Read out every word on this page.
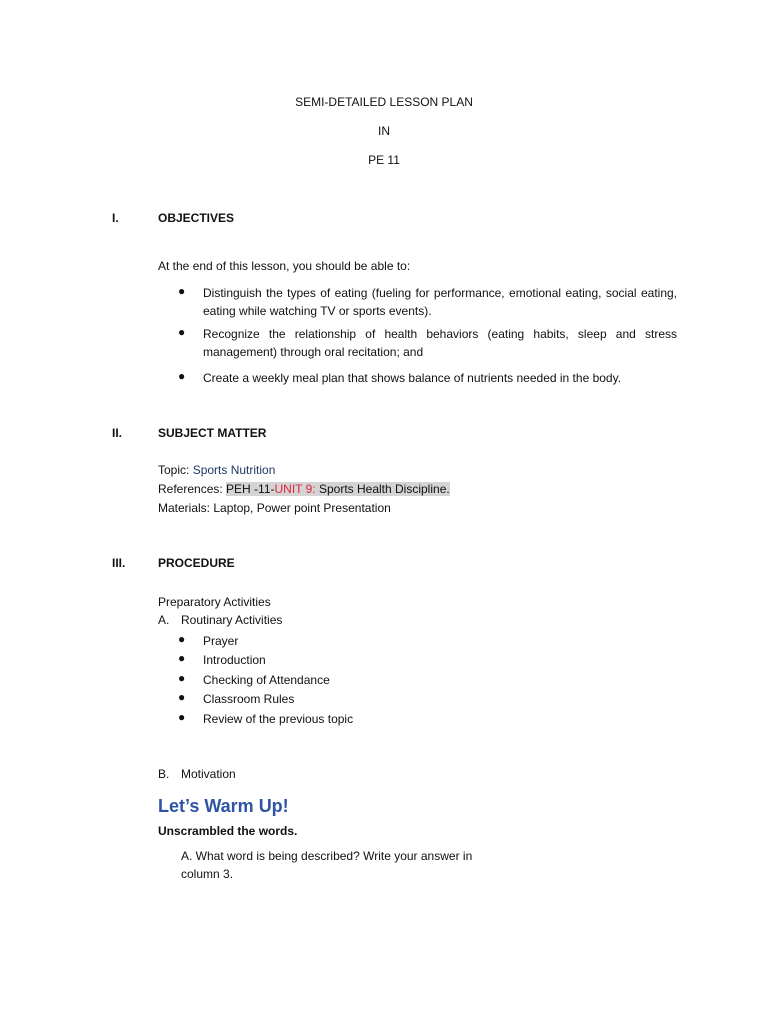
SEMI-DETAILED LESSON PLAN
IN
PE 11
I.	OBJECTIVES
At the end of this lesson, you should be able to:
● Distinguish the types of eating (fueling for performance, emotional eating, social eating, eating while watching TV or sports events).
● Recognize the relationship of health behaviors (eating habits, sleep and stress management) through oral recitation; and
● Create a weekly meal plan that shows balance of nutrients needed in the body.
II.	SUBJECT MATTER
Topic: Sports Nutrition
References: PEH -11-UNIT 9: Sports Health Discipline.
Materials: Laptop, Power point Presentation
III.	PROCEDURE
Preparatory Activities
A. Routinary Activities
● Prayer
● Introduction
● Checking of Attendance
● Classroom Rules
● Review of the previous topic
B. Motivation
Let’s Warm Up!
Unscrambled the words.
A. What word is being described? Write your answer in
column 3.
